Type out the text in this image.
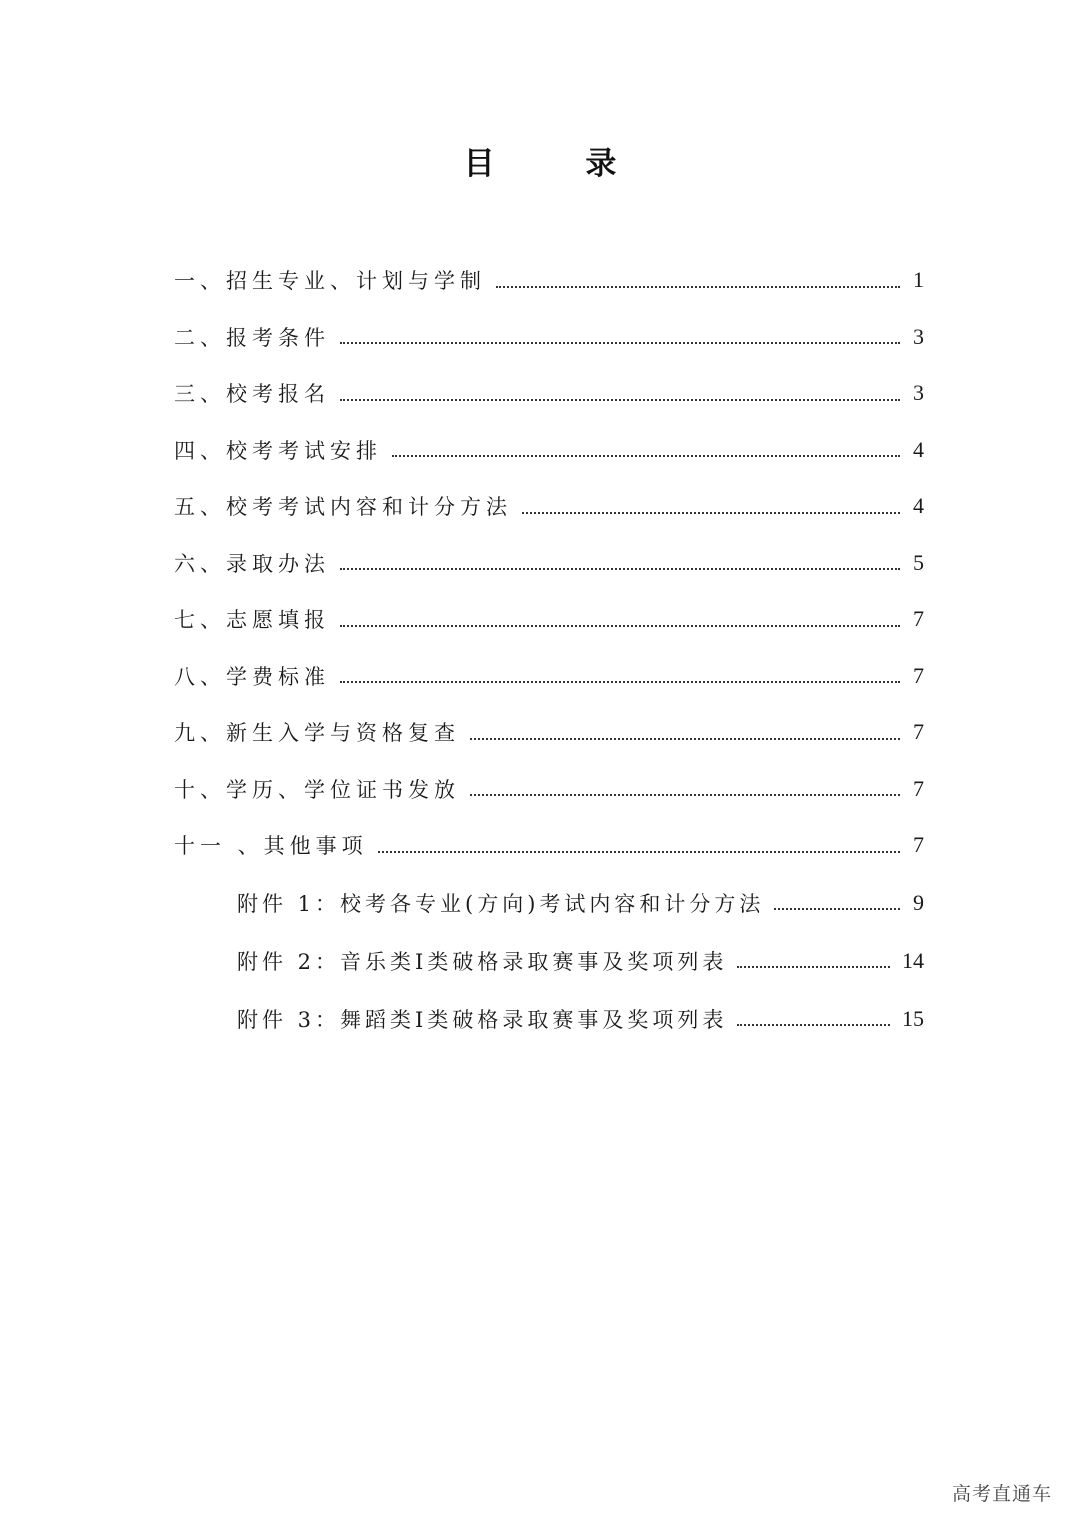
目 录
一、招生专业、计划与学制	1
二、报考条件	3
三、校考报名	3
四、校考考试安排	4
五、校考考试内容和计分方法	4
六、录取办法	5
七、志愿填报	7
八、学费标准	7
九、新生入学与资格复查	7
十、学历、学位证书发放	7
十一 、其他事项	7
附件 1：校考各专业(方向)考试内容和计分方法	9
附件 2：音乐类Ⅰ类破格录取赛事及奖项列表	14
附件 3：舞蹈类Ⅰ类破格录取赛事及奖项列表	15
高考直通车
